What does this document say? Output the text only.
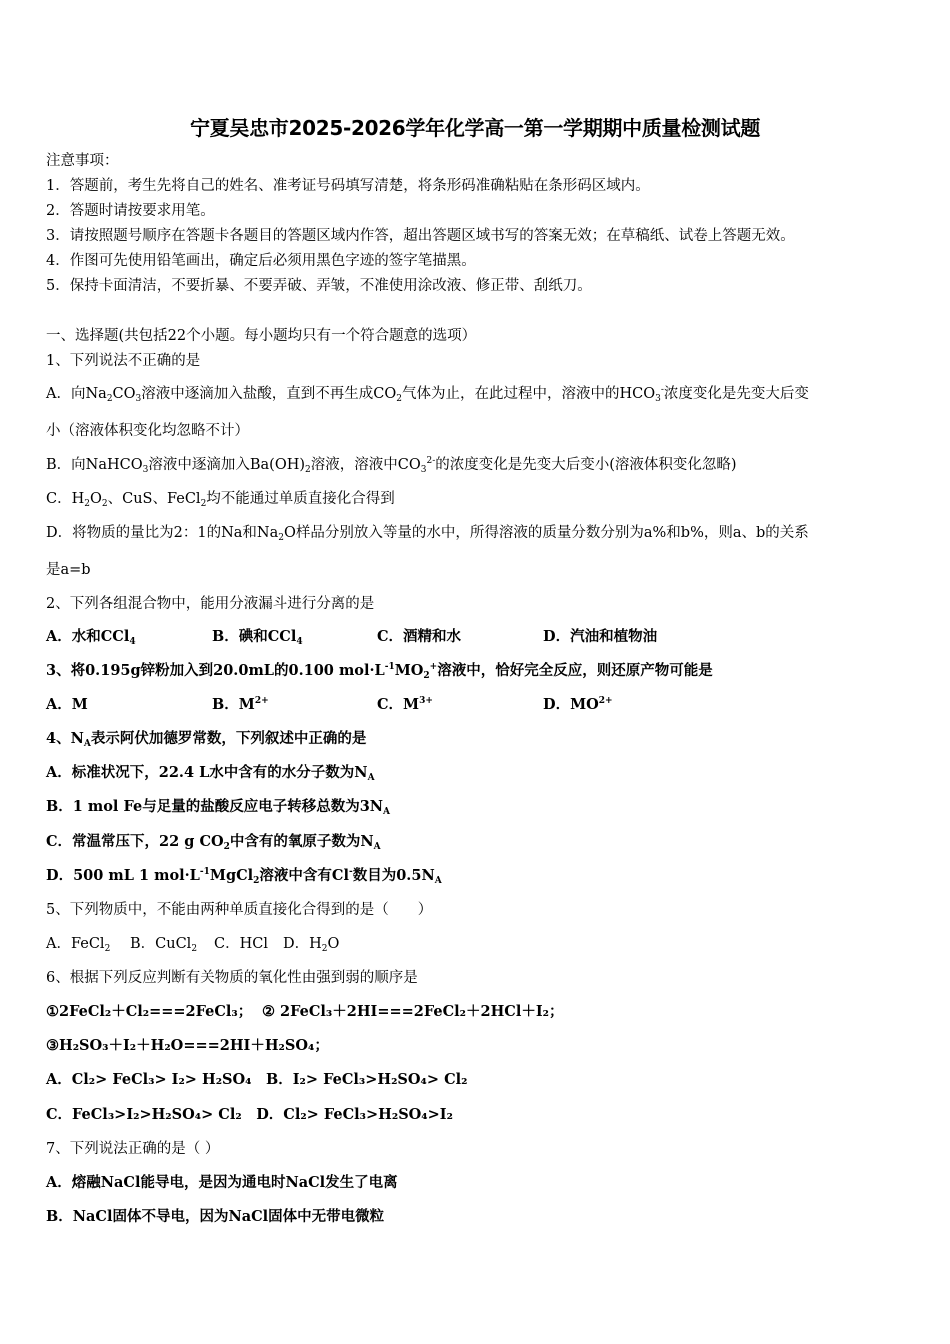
宁夏吴忠市2025-2026学年化学高一第一学期期中质量检测试题
注意事项：
1．答题前，考生先将自己的姓名、准考证号码填写清楚，将条形码准确粘贴在条形码区域内。
2．答题时请按要求用笔。
3．请按照题号顺序在答题卡各题目的答题区域内作答，超出答题区域书写的答案无效；在草稿纸、试卷上答题无效。
4．作图可先使用铅笔画出，确定后必须用黑色字迹的签字笔描黑。
5．保持卡面清洁，不要折暴、不要弄破、弄皱，不准使用涂改液、修正带、刮纸刀。
一、选择题(共包括22个小题。每小题均只有一个符合题意的选项）
1、下列说法不正确的是
A．向$Na_2CO_3$溶液中逐滴加入盐酸，直到不再生成$CO_2$气体为止，在此过程中，溶液中的$HCO_3^-$浓度变化是先变大后变
小（溶液体积变化均忽略不计）
B．向NaHCO$_3$溶液中逐滴加入$Ba(OH)_2$溶液，溶液中$CO_3^{2-}$的浓度变化是先变大后变小(溶液体积变化忽略)
C．$H_2O_2$、CuS、FeCl$_2$均不能通过单质直接化合得到
D．将物质的量比为2：1的Na和$Na_2O$样品分别放入等量的水中，所得溶液的质量分数分别为a%和b%，则a、b的关系
是a=b
2、下列各组混合物中，能用分液漏斗进行分离的是
A．水和CCl$_4$	B．碘和CCl$_4$	C．酒精和水	D．汽油和植物油
3、将0.195g锌粉加入到20.0mL的0.100 $mol\cdot L^{-1}MO_2^+$溶液中，恰好完全反应，则还原产物可能是
A．M	B．$M^{2+}$	C．$M^{3+}$	D．$MO^{2+}$
4、$N_A$表示阿伏加德罗常数，下列叙述中正确的是
A．标准状况下，22.4 L水中含有的水分子数为$N_A$
B．1 mol Fe与足量的盐酸反应电子转移总数为$3N_A$
C．常温常压下，22 g $CO_2$中含有的氧原子数为$N_A$
D．500 mL 1 $mol\cdot L^{-1}MgCl_2$溶液中含有Cl-数目为$0.5N_A$
5、下列物质中，不能由两种单质直接化合得到的是（　　）
A．FeCl$_2$ B．CuCl$_2$ C．HCl D．$H_2O$
6、根据下列反应判断有关物质的氧化性由强到弱的顺序是
①2FeCl₂＋Cl₂===2FeCl₃； ② 2FeCl₃＋2HI===2FeCl₂＋2HCl＋I₂；
③H₂SO₃＋I₂＋H₂O===2HI＋H₂SO₄；
A．Cl₂> FeCl₃> I₂> H₂SO₄　B．I₂> FeCl₃>H₂SO₄> Cl₂
C．FeCl₃>I₂>H₂SO₄> Cl₂　D．Cl₂> FeCl₃>H₂SO₄>I₂
7、下列说法正确的是（ ）
A．熔融NaCl能导电，是因为通电时NaCl发生了电离
B．NaCl固体不导电，因为NaCl固体中无带电微粒
